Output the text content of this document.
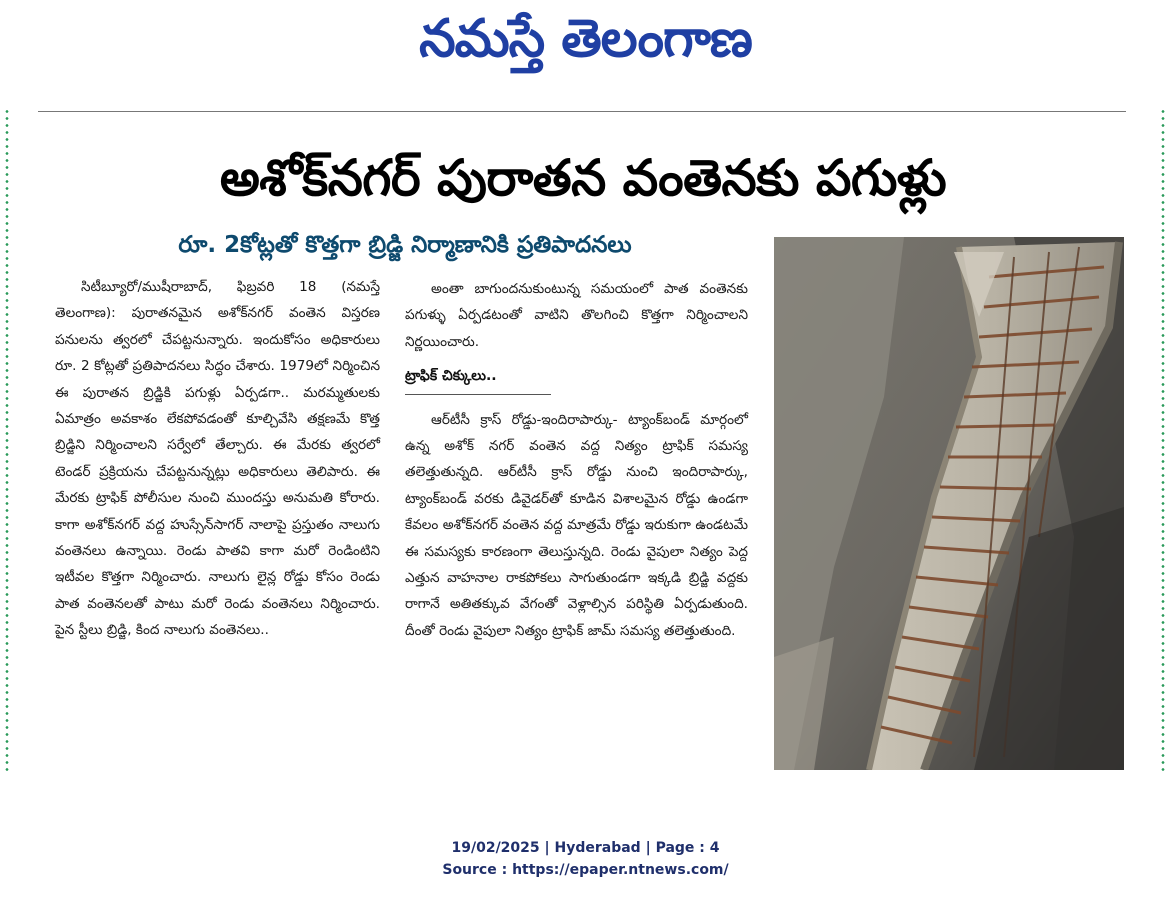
నమస్తే తెలంగాణ
అశోక్‌నగర్ పురాతన వంతెనకు పగుళ్లు
రూ. 2కోట్లతో కొత్తగా బ్రిడ్జి నిర్మాణానికి ప్రతిపాదనలు

సిటీబ్యూరో/ముషీరాబాద్, ఫిబ్రవరి 18 (నమస్తే తెలంగాణ): పురాతనమైన అశోక్‌నగర్ వంతెన విస్తరణ పనులను త్వరలో చేపట్టనున్నారు. ఇందుకోసం అధికారులు రూ. 2 కోట్లతో ప్రతిపాదనలు సిద్ధం చేశారు. 1979లో నిర్మించిన ఈ పురాతన బ్రిడ్జికి పగుళ్లు ఏర్పడగా.. మరమ్మతులకు ఏమాత్రం అవకాశం లేకపోవడంతో కూల్చివేసి తక్షణమే కొత్త బ్రిడ్జిని నిర్మించాలని సర్వేలో తేల్చారు. ఈ మేరకు త్వరలో టెండర్ ప్రక్రియను చేపట్టనున్నట్లు అధికారులు తెలిపారు. ఈ మేరకు ట్రాఫిక్ పోలీసుల నుంచి ముందస్తు అనుమతి కోరారు. కాగా అశోక్‌నగర్ వద్ద హుస్సేన్‌సాగర్ నాలాపై ప్రస్తుతం నాలుగు వంతెనలు ఉన్నాయి. రెండు పాతవి కాగా మరో రెండింటిని ఇటీవల కొత్తగా నిర్మించారు. నాలుగు లైన్ల రోడ్డు కోసం రెండు పాత వంతెనలతో పాటు మరో రెండు వంతెనలు నిర్మించారు. పైన స్టీలు బ్రిడ్జి, కింద నాలుగు వంతెనలు..

అంతా బాగుందనుకుంటున్న సమయంలో పాత వంతెనకు పగుళ్ళు ఏర్పడటంతో వాటిని తొలగించి కొత్తగా నిర్మించాలని నిర్ణయించారు.

ట్రాఫిక్ చిక్కులు..

ఆర్‌టీసీ క్రాస్ రోడ్డు-ఇందిరాపార్కు- ట్యాంక్‌బండ్ మార్గంలో ఉన్న అశోక్ నగర్ వంతెన వద్ద నిత్యం ట్రాఫిక్ సమస్య తలెత్తుతున్నది. ఆర్‌టీసీ క్రాస్ రోడ్డు నుంచి ఇందిరాపార్కు, ట్యాంక్‌బండ్ వరకు డివైడర్‌తో కూడిన విశాలమైన రోడ్డు ఉండగా కేవలం అశోక్‌నగర్ వంతెన వద్ద మాత్రమే రోడ్డు ఇరుకుగా ఉండటమే ఈ సమస్యకు కారణంగా తెలుస్తున్నది. రెండు వైపులా నిత్యం పెద్ద ఎత్తున వాహనాల రాకపోకలు సాగుతుండగా ఇక్కడి బ్రిడ్జి వద్దకు రాగానే అతితక్కువ వేగంతో వెళ్లాల్సిన పరిస్థితి ఏర్పడుతుంది. దీంతో రెండు వైపులా నిత్యం ట్రాఫిక్ జామ్ సమస్య తలెత్తుతుంది.

19/02/2025 | Hyderabad | Page : 4
Source : https://epaper.ntnews.com/
